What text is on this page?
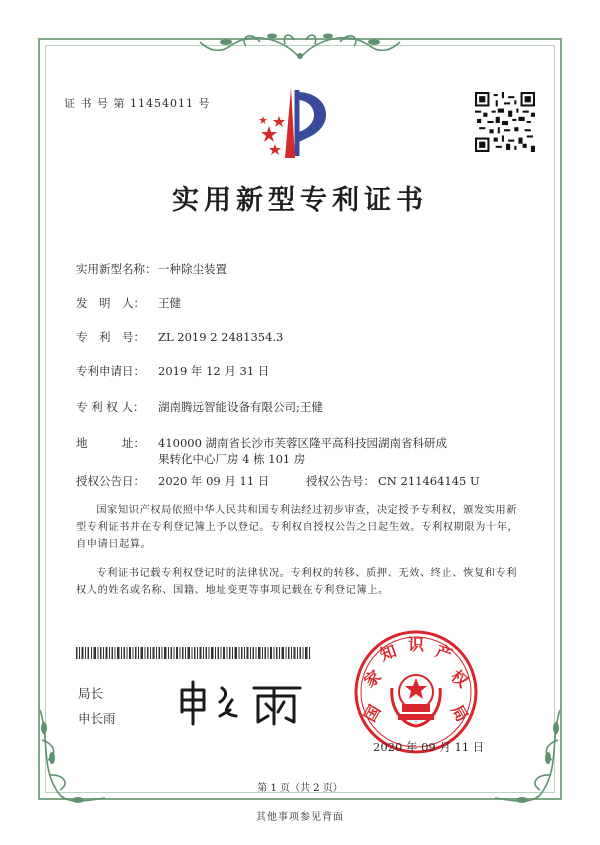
证 书 号 第 11454011 号
实用新型专利证书
实用新型名称： 一种除尘装置
发　明　人： 王健
专　利　号： ZL 2019 2 2481354.3
专利申请日： 2019 年 12 月 31 日
专 利 权 人： 湖南腾远智能设备有限公司;王健
地　　　址： 410000 湖南省长沙市芙蓉区隆平高科技园湖南省科研成
果转化中心厂房 4 栋 101 房
授权公告日： 2020 年 09 月 11 日	授权公告号： CN 211464145 U
国家知识产权局依照中华人民共和国专利法经过初步审查，决定授予专利权，颁发实用新型专利证书并在专利登记簿上予以登记。专利权自授权公告之日起生效。专利权期限为十年，自申请日起算。
专利证书记载专利权登记时的法律状况。专利权的转移、质押、无效、终止、恢复和专利权人的姓名或名称、国籍、地址变更等事项记载在专利登记簿上。
局长
申长雨	国
家
知 识 产
权
局
2020 年 09 月 11 日
第 1 页（共 2 页）
其他事项参见背面
